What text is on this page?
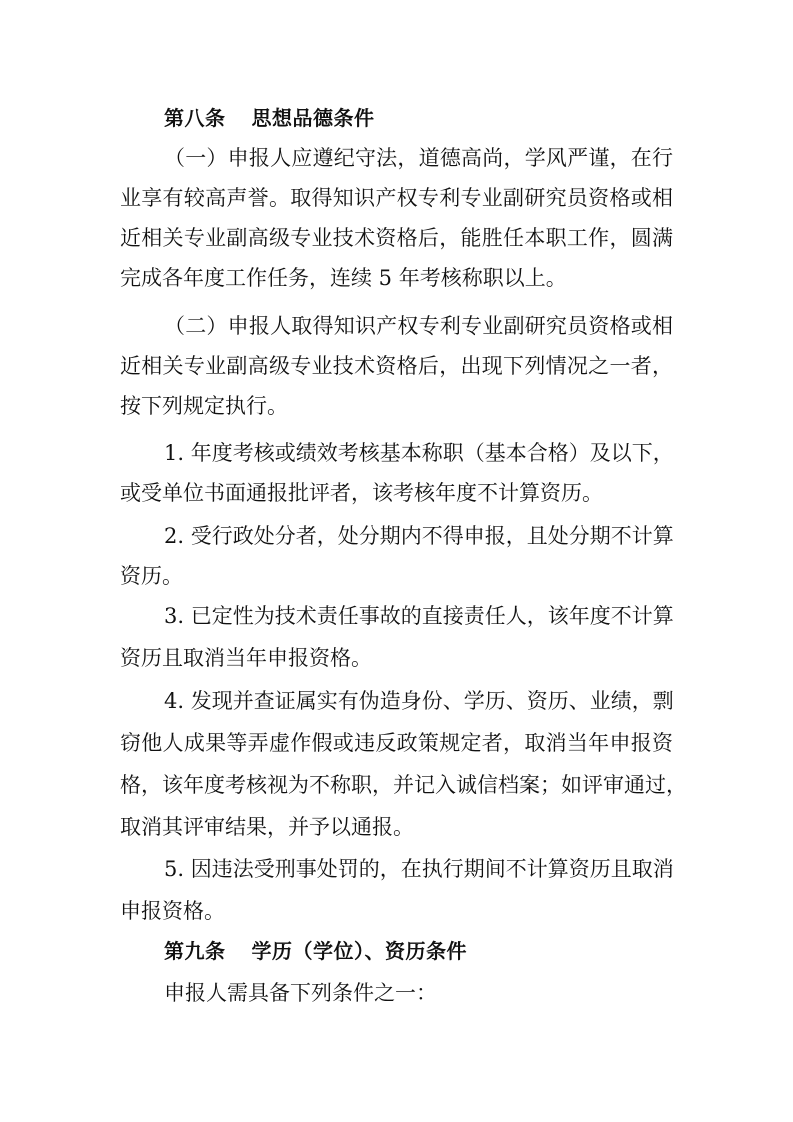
第八条 思想品德条件
（一）申报人应遵纪守法，道德高尚，学风严谨，在行
业享有较高声誉。取得知识产权专利专业副研究员资格或相
近相关专业副高级专业技术资格后，能胜任本职工作，圆满
完成各年度工作任务，连续 5 年考核称职以上。
（二）申报人取得知识产权专利专业副研究员资格或相
近相关专业副高级专业技术资格后，出现下列情况之一者，
按下列规定执行。
1. 年度考核或绩效考核基本称职（基本合格）及以下，
或受单位书面通报批评者，该考核年度不计算资历。
2. 受行政处分者，处分期内不得申报，且处分期不计算
资历。
3. 已定性为技术责任事故的直接责任人，该年度不计算
资历且取消当年申报资格。
4. 发现并查证属实有伪造身份、学历、资历、业绩，剽
窃他人成果等弄虚作假或违反政策规定者，取消当年申报资
格，该年度考核视为不称职，并记入诚信档案；如评审通过，
取消其评审结果，并予以通报。
5. 因违法受刑事处罚的，在执行期间不计算资历且取消
申报资格。
第九条 学历（学位）、资历条件
申报人需具备下列条件之一：
